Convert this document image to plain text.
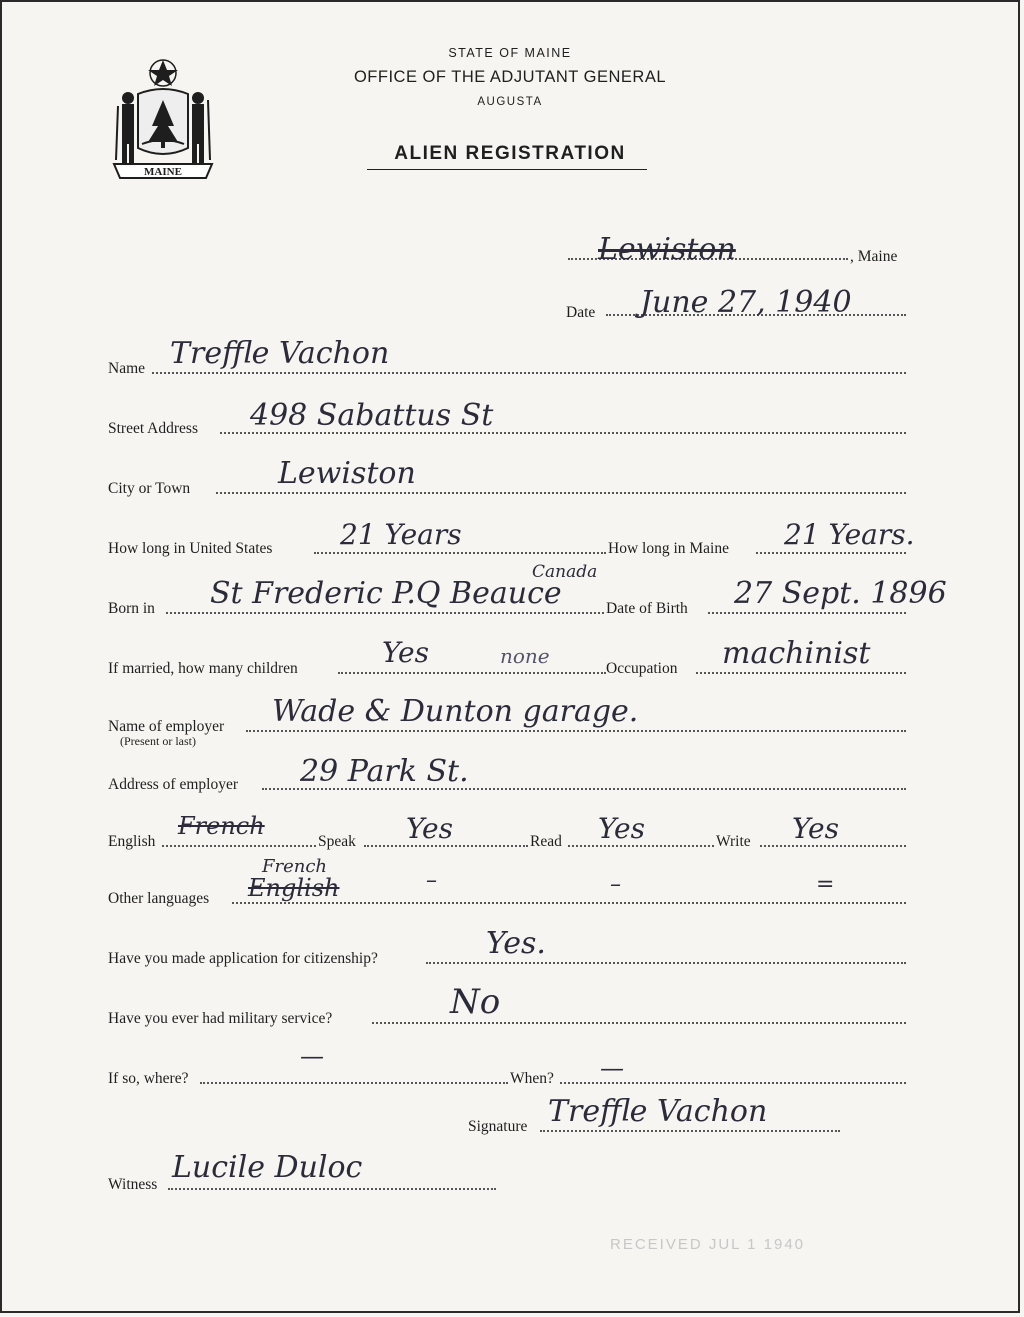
MAINE
STATE OF MAINE
OFFICE OF THE ADJUTANT GENERAL
AUGUSTA
ALIEN REGISTRATION
Lewiston	, Maine
Date June 27, 1940
Name Treffle Vachon
Street Address 498 Sabattus St
City or Town	Lewiston
How long in United States 21 Years	How long in Maine 21 Years.
Born in St Frederic P.Q Beauce
Canada
Date of Birth 27 Sept. 1896
If married, how many children	Yes	none
Occupation machinist
Name of employer
(Present or last)
Wade & Dunton garage.
Address of employer 29 Park St.
English
French
Speak Yes	Read Yes	Write Yes
Other languages
French
English	–	–	=
Have you made application for citizenship?	Yes.
Have you ever had military service?	No
If so, where?
—
When? —
Signature Treffle Vachon
Witness Lucile Duloc
RECEIVED JUL 1 1940
